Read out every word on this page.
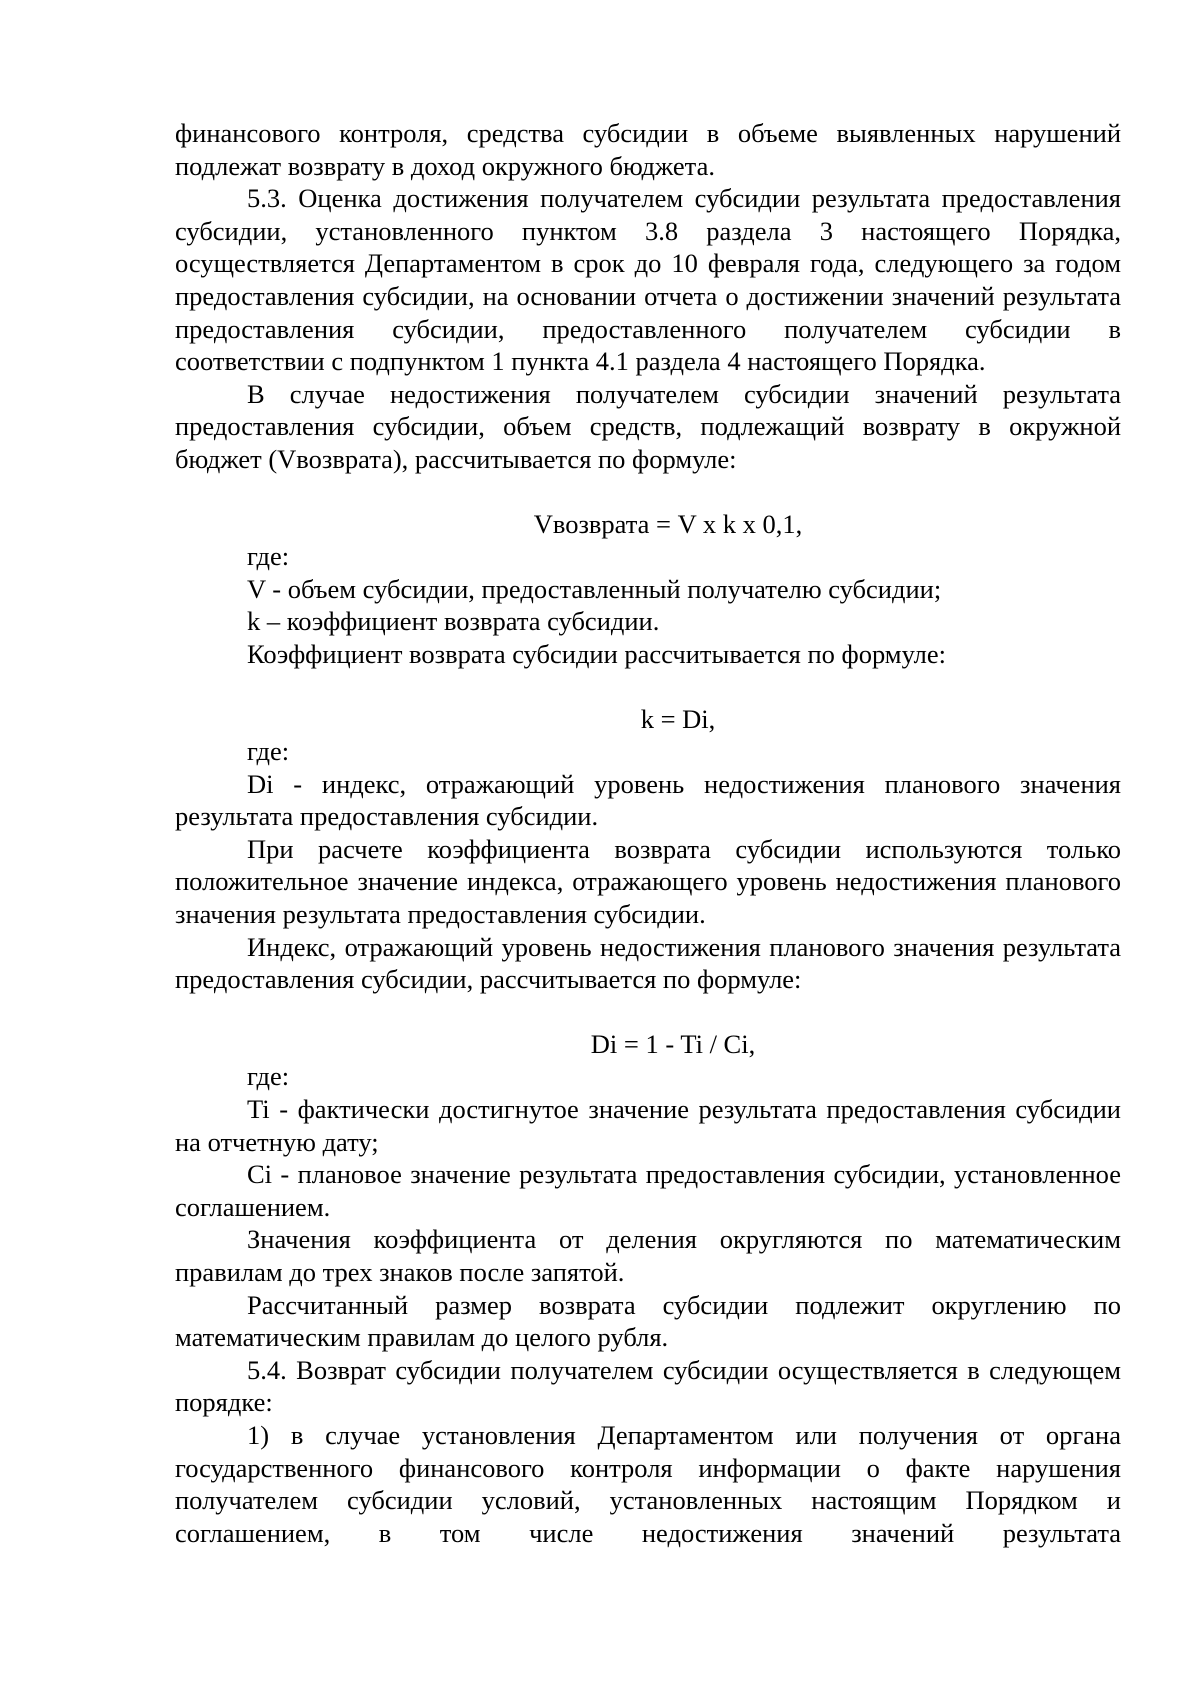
финансового контроля, средства субсидии в объеме выявленных нарушений подлежат возврату в доход окружного бюджета.

5.3. Оценка достижения получателем субсидии результата предоставления субсидии, установленного пунктом 3.8 раздела 3 настоящего Порядка, осуществляется Департаментом в срок до 10 февраля года, следующего за годом предоставления субсидии, на основании отчета о достижении значений результата предоставления субсидии, предоставленного получателем субсидии в соответствии с подпунктом 1 пункта 4.1 раздела 4 настоящего Порядка.

В случае недостижения получателем субсидии значений результата предоставления субсидии, объем средств, подлежащий возврату в окружной бюджет (Vвозврата), рассчитывается по формуле:

Vвозврата = V x k x 0,1,

где:

V - объем субсидии, предоставленный получателю субсидии;

k – коэффициент возврата субсидии.

Коэффициент возврата субсидии рассчитывается по формуле:

k = Di,

где:

Di - индекс, отражающий уровень недостижения планового значения результата предоставления субсидии.

При расчете коэффициента возврата субсидии используются только положительное значение индекса, отражающего уровень недостижения планового значения результата предоставления субсидии.

Индекс, отражающий уровень недостижения планового значения результата предоставления субсидии, рассчитывается по формуле:

Di = 1 - Ti / Ci,

где:

Ti - фактически достигнутое значение результата предоставления субсидии на отчетную дату;

Ci - плановое значение результата предоставления субсидии, установленное соглашением.

Значения коэффициента от деления округляются по математическим правилам до трех знаков после запятой.

Рассчитанный размер возврата субсидии подлежит округлению по математическим правилам до целого рубля.

5.4. Возврат субсидии получателем субсидии осуществляется в следующем порядке:

1) в случае установления Департаментом или получения от органа

государственного финансового контроля информации о факте нарушения

получателем субсидии условий, установленных настоящим Порядком и

соглашением, в том числе недостижения значений результата
